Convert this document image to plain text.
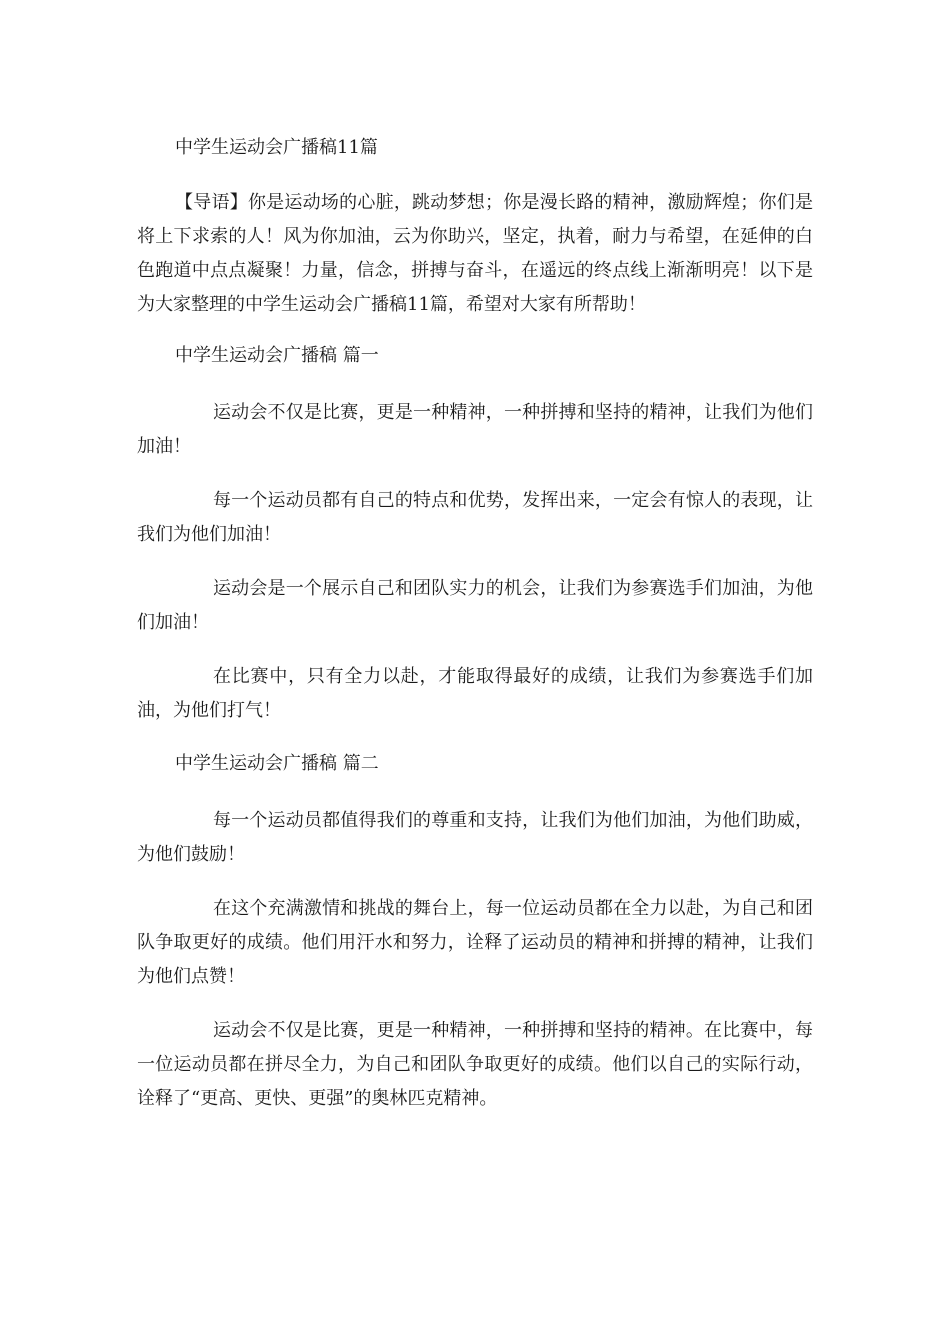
中学生运动会广播稿11篇

【导语】你是运动场的心脏，跳动梦想；你是漫长路的精神，激励辉煌；你们是将上下求索的人！风为你加油，云为你助兴，坚定，执着，耐力与希望，在延伸的白色跑道中点点凝聚！力量，信念，拼搏与奋斗，在遥远的终点线上渐渐明亮！以下是为大家整理的中学生运动会广播稿11篇，希望对大家有所帮助！

中学生运动会广播稿 篇一

运动会不仅是比赛，更是一种精神，一种拼搏和坚持的精神，让我们为他们加油！

每一个运动员都有自己的特点和优势，发挥出来，一定会有惊人的表现，让我们为他们加油！

运动会是一个展示自己和团队实力的机会，让我们为参赛选手们加油，为他们加油！

在比赛中，只有全力以赴，才能取得最好的成绩，让我们为参赛选手们加油，为他们打气！

中学生运动会广播稿 篇二

每一个运动员都值得我们的尊重和支持，让我们为他们加油，为他们助威，为他们鼓励！

在这个充满激情和挑战的舞台上，每一位运动员都在全力以赴，为自己和团队争取更好的成绩。他们用汗水和努力，诠释了运动员的精神和拼搏的精神，让我们为他们点赞！

运动会不仅是比赛，更是一种精神，一种拼搏和坚持的精神。在比赛中，每一位运动员都在拼尽全力，为自己和团队争取更好的成绩。他们以自己的实际行动，诠释了“更高、更快、更强”的奥林匹克精神。
